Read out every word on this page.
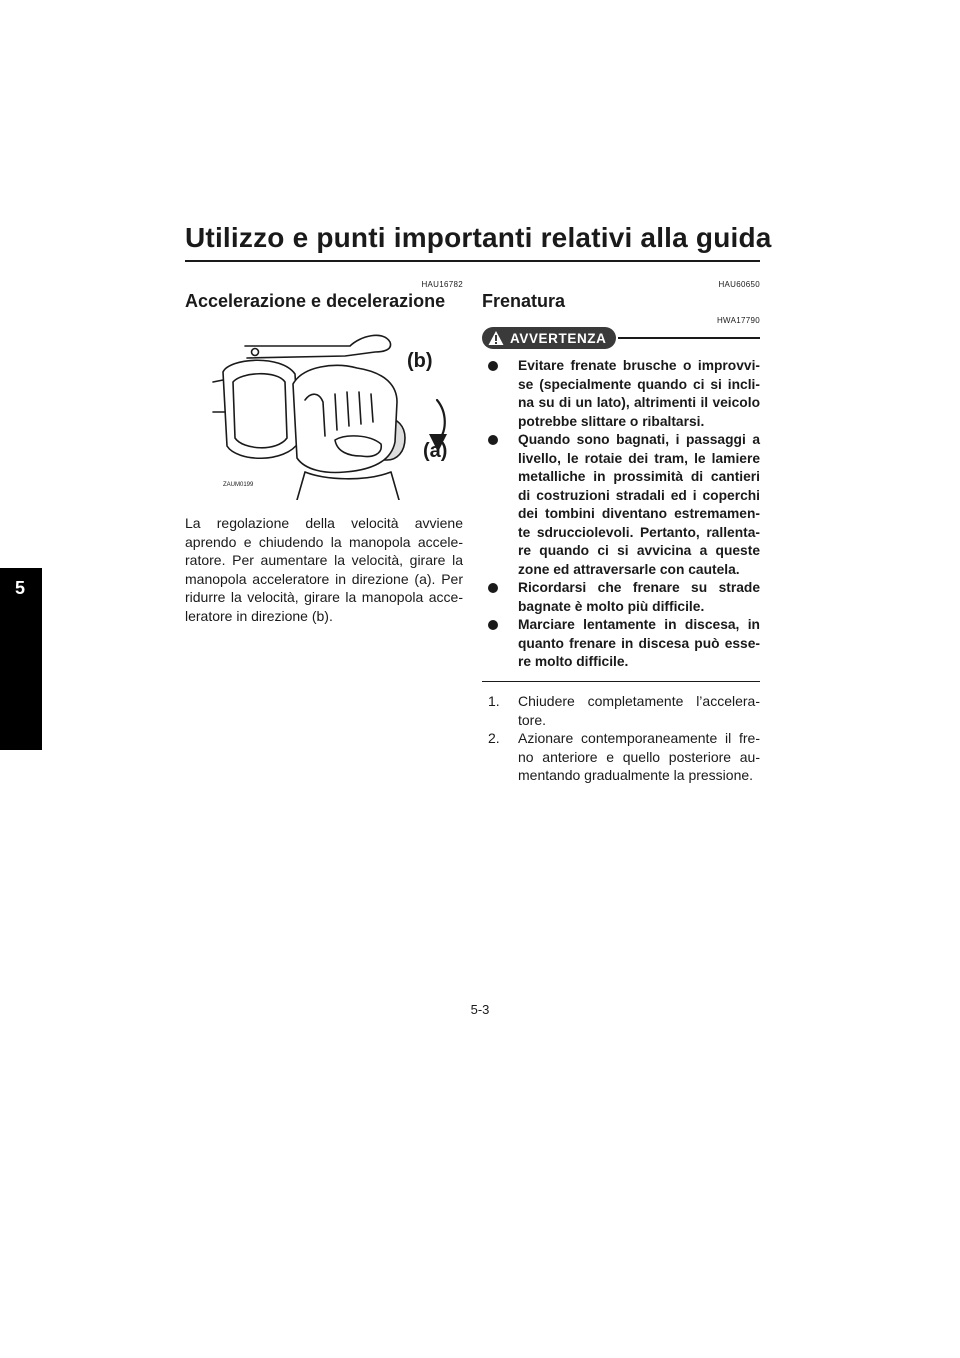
Utilizzo e punti importanti relativi alla guida
5
HAU16782
Accelerazione e decelerazione
(b)
(a)
ZAUM0199

La regolazione della velocità avviene aprendo e chiudendo la manopola accele-ratore. Per aumentare la velocità, girare la manopola acceleratore in direzione (a). Per ridurre la velocità, girare la manopola acce-leratore in direzione (b).

HAU60650
Frenatura
HWA17790
AVVERTENZA
Evitare frenate brusche o improvvi-se (specialmente quando ci si incli-na su di un lato), altrimenti il veicolo potrebbe slittare o ribaltarsi.
Quando sono bagnati, i passaggi a livello, le rotaie dei tram, le lamiere metalliche in prossimità di cantieri di costruzioni stradali ed i coperchi dei tombini diventano estremamen-te sdrucciolevoli. Pertanto, rallenta-re quando ci si avvicina a queste zone ed attraversarle con cautela.
Ricordarsi che frenare su strade bagnate è molto più difficile.
Marciare lentamente in discesa, in quanto frenare in discesa può esse-re molto difficile.
1. Chiudere completamente l’accelera-tore.
2. Azionare contemporaneamente il fre-no anteriore e quello posteriore au-mentando gradualmente la pressione.
5-3
